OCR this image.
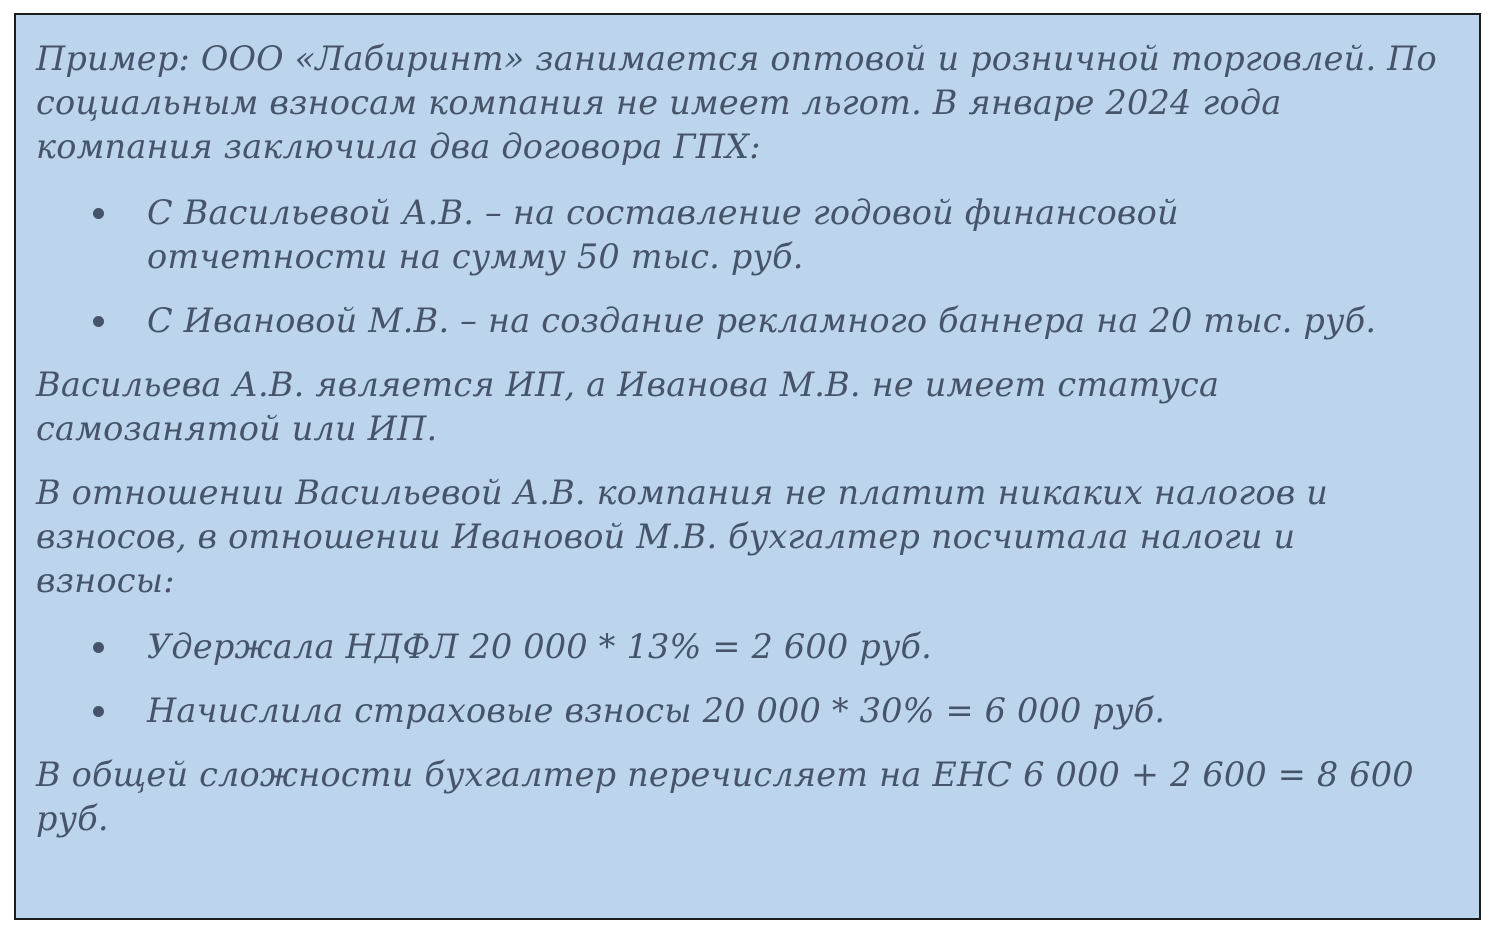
Пример: ООО «Лабиринт» занимается оптовой и розничной торговлей. По
социальным взносам компания не имеет льгот. В январе 2024 года
компания заключила два договора ГПХ:

С Васильевой А.В. – на составление годовой финансовой
отчетности на сумму 50 тыс. руб.
С Ивановой М.В. – на создание рекламного баннера на 20 тыс. руб.

Васильева А.В. является ИП, а Иванова М.В. не имеет статуса
самозанятой или ИП.

В отношении Васильевой А.В. компания не платит никаких налогов и
взносов, в отношении Ивановой М.В. бухгалтер посчитала налоги и
взносы:

Удержала НДФЛ 20 000 * 13% = 2 600 руб.
Начислила страховые взносы 20 000 * 30% = 6 000 руб.

В общей сложности бухгалтер перечисляет на ЕНС 6 000 + 2 600 = 8 600
руб.
